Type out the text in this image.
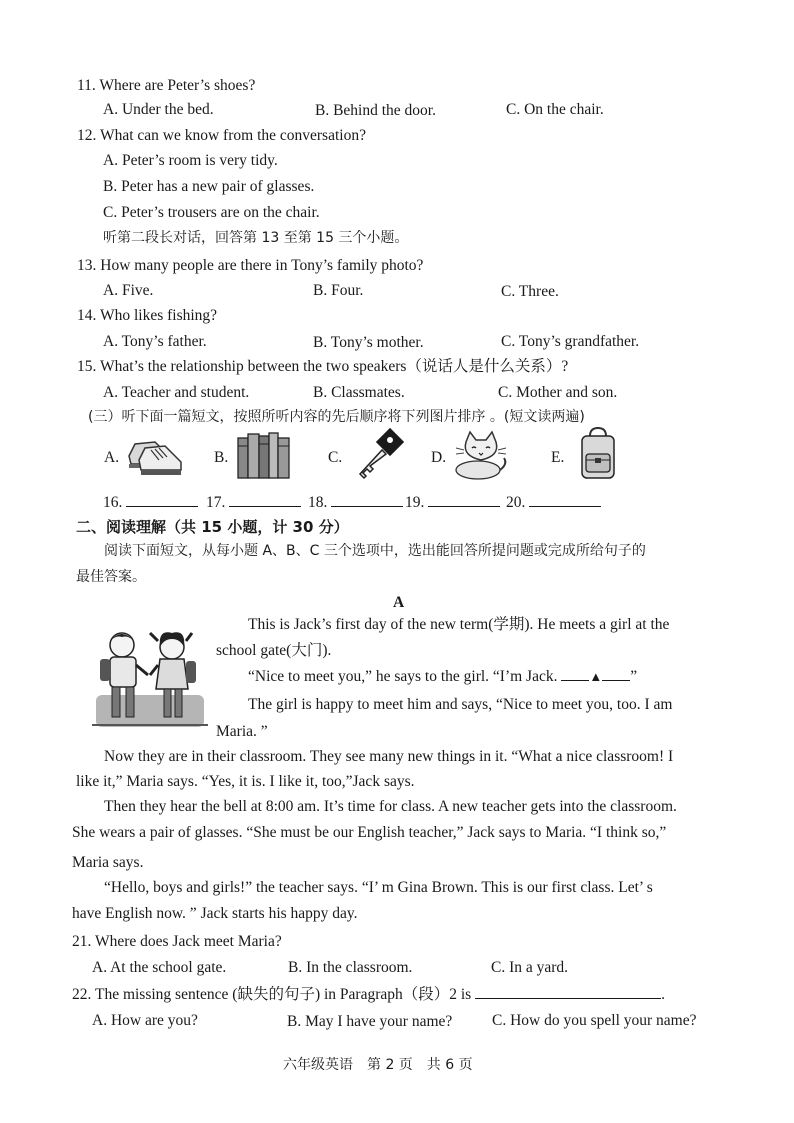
11. Where are Peter’s shoes?
A. Under the bed.	B. Behind the door.	C. On the chair.
12. What can we know from the conversation?
A. Peter’s room is very tidy.
B. Peter has a new pair of glasses.
C. Peter’s trousers are on the chair.
听第二段长对话，回答第 13 至第 15 三个小题。
13. How many people are there in Tony’s family photo?
A. Five.	B. Four.	C. Three.
14. Who likes fishing?
A. Tony’s father.	B. Tony’s mother.	C. Tony’s grandfather.
15. What’s the relationship between the two speakers（说话人是什么关系）?
A. Teacher and student.	B. Classmates.	C. Mother and son.
(三）听下面一篇短文，按照所听内容的先后顺序将下列图片排序 。(短文读两遍)
A.	B.	C.	D.	E.
16.	17.	18.	19.	20.
二、阅读理解（共 15 小题，计 30 分）
阅读下面短文，从每小题 A、B、C 三个选项中，选出能回答所提问题或完成所给句子的
最佳答案。
A
This is Jack’s first day of the new term(学期). He meets a girl at the
school gate(大门).
“Nice to meet you,” he says to the girl. “I’m Jack. ▲ ”
The girl is happy to meet him and says, “Nice to meet you, too. I am
Maria. ”
Now they are in their classroom. They see many new things in it. “What a nice classroom! I
like it,” Maria says. “Yes, it is. I like it, too,”Jack says.
Then they hear the bell at 8:00 am. It’s time for class. A new teacher gets into the classroom.
She wears a pair of glasses. “She must be our English teacher,” Jack says to Maria. “I think so,”
Maria says.
“Hello, boys and girls!” the teacher says. “I’ m Gina Brown. This is our first class. Let’ s
have English now. ” Jack starts his happy day.
21. Where does Jack meet Maria?
A. At the school gate.	B. In the classroom.	C. In a yard.
22. The missing sentence (缺失的句子) in Paragraph（段）2 is	.
A. How are you?	B. May I have your name?	C. How do you spell your name?
六年级英语　第 2 页　共 6 页
